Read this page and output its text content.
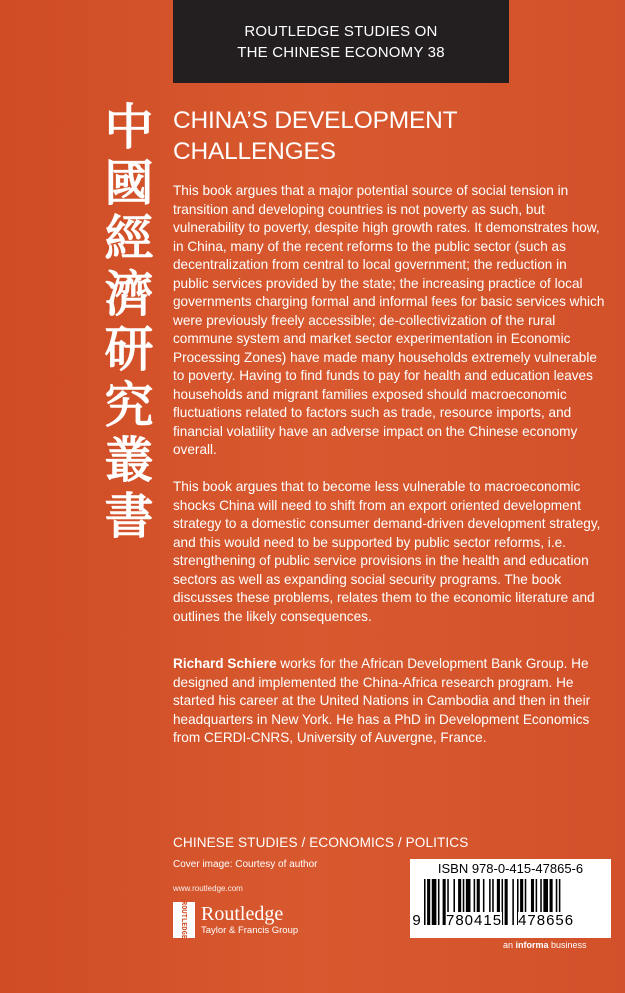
ROUTLEDGE STUDIES ON
THE CHINESE ECONOMY 38
中
國
經
濟
研
究
叢
書
CHINA’S DEVELOPMENT
CHALLENGES
This book argues that a major potential source of social tension in transition and developing countries is not poverty as such, but vulnerability to poverty, despite high growth rates. It demonstrates how, in China, many of the recent reforms to the public sector (such as decentralization from central to local government; the reduction in public services provided by the state; the increasing practice of local governments charging formal and informal fees for basic services which were previously freely accessible; de-collectivization of the rural commune system and market sector experimentation in Economic Processing Zones) have made many households extremely vulnerable to poverty. Having to find funds to pay for health and education leaves households and migrant families exposed should macroeconomic fluctuations related to factors such as trade, resource imports, and financial volatility have an adverse impact on the Chinese economy overall.
This book argues that to become less vulnerable to macroeconomic shocks China will need to shift from an export oriented development strategy to a domestic consumer demand-driven development strategy, and this would need to be supported by public sector reforms, i.e. strengthening of public service provisions in the health and education sectors as well as expanding social security programs. The book discusses these problems, relates them to the economic literature and outlines the likely consequences.
Richard Schiere works for the African Development Bank Group. He designed and implemented the China-Africa research program. He started his career at the United Nations in Cambodia and then in their headquarters in New York. He has a PhD in Development Economics from CERDI-CNRS, University of Auvergne, France.
CHINESE STUDIES / ECONOMICS / POLITICS
Cover image: Courtesy of author
www.routledge.com
ROUTLEDGE Routledge
Taylor & Francis Group
ISBN 978-0-415-47865-6
9 780415 478656
an informa business
